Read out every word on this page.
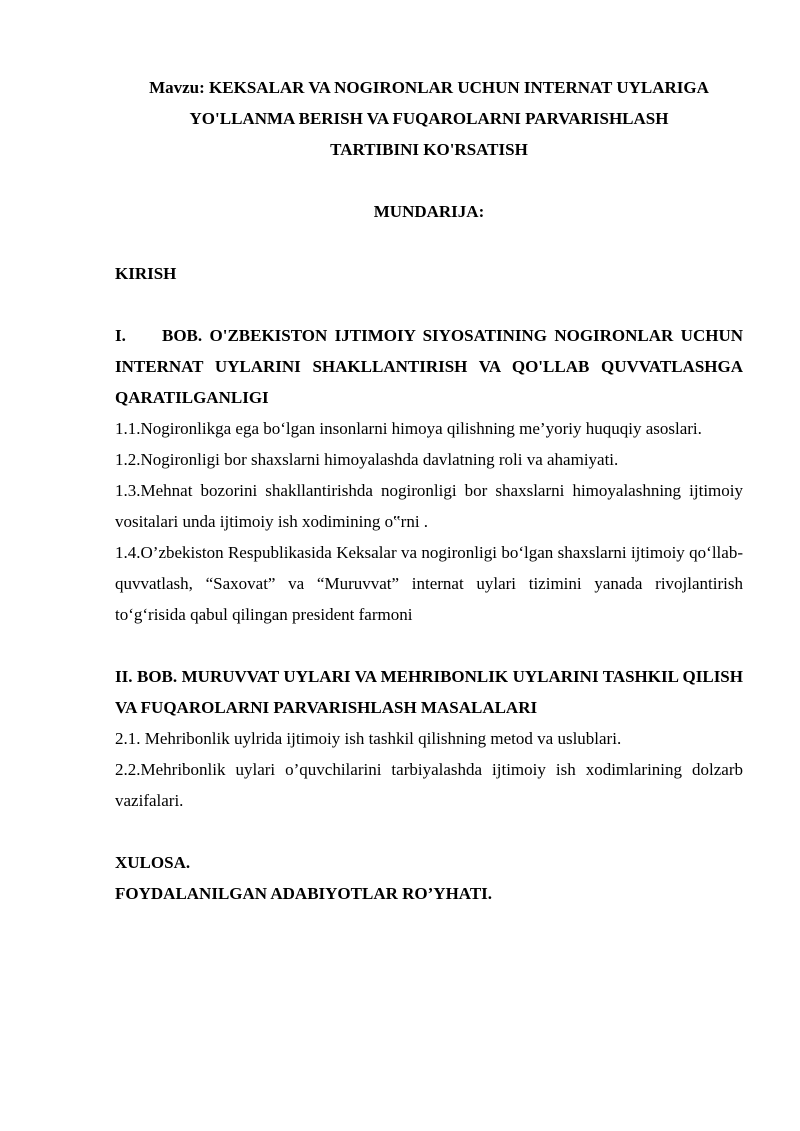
Mavzu: KEKSALAR VA NOGIRONLAR UCHUN INTERNAT UYLARIGA
YO'LLANMA BERISH VA FUQAROLARNI PARVARISHLASH
TARTIBINI KO'RSATISH

MUNDARIJA:

KIRISH

I. BOB. O'ZBEKISTON IJTIMOIY SIYOSATINING NOGIRONLAR UCHUN INTERNAT UYLARINI SHAKLLANTIRISH VA QO'LLAB QUVVATLASHGA QARATILGANLIGI

1.1.Nogironlikga ega bo‘lgan insonlarni himoya qilishning me’yoriy huquqiy asoslari.

1.2.Nogironligi bor shaxslarni himoyalashda davlatning roli va ahamiyati.

1.3.Mehnat bozorini shakllantirishda nogironligi bor shaxslarni himoyalashning ijtimoiy vositalari unda ijtimoiy ish xodimining o‟rni .

1.4.O’zbekiston Respublikasida Keksalar va nogironligi bo‘lgan shaxslarni ijtimoiy qo‘llab-quvvatlash, “Saxovat” va “Muruvvat” internat uylari tizimini yanada rivojlantirish to‘g‘risida qabul qilingan president farmoni

II. BOB. MURUVVAT UYLARI VA MEHRIBONLIK UYLARINI TASHKIL QILISH VA FUQAROLARNI PARVARISHLASH MASALALARI

2.1. Mehribonlik uylrida ijtimoiy ish tashkil qilishning metod va uslublari.

2.2.Mehribonlik uylari o’quvchilarini tarbiyalashda ijtimoiy ish xodimlarining dolzarb vazifalari.

XULOSA.

FOYDALANILGAN ADABIYOTLAR RO’YHATI.
